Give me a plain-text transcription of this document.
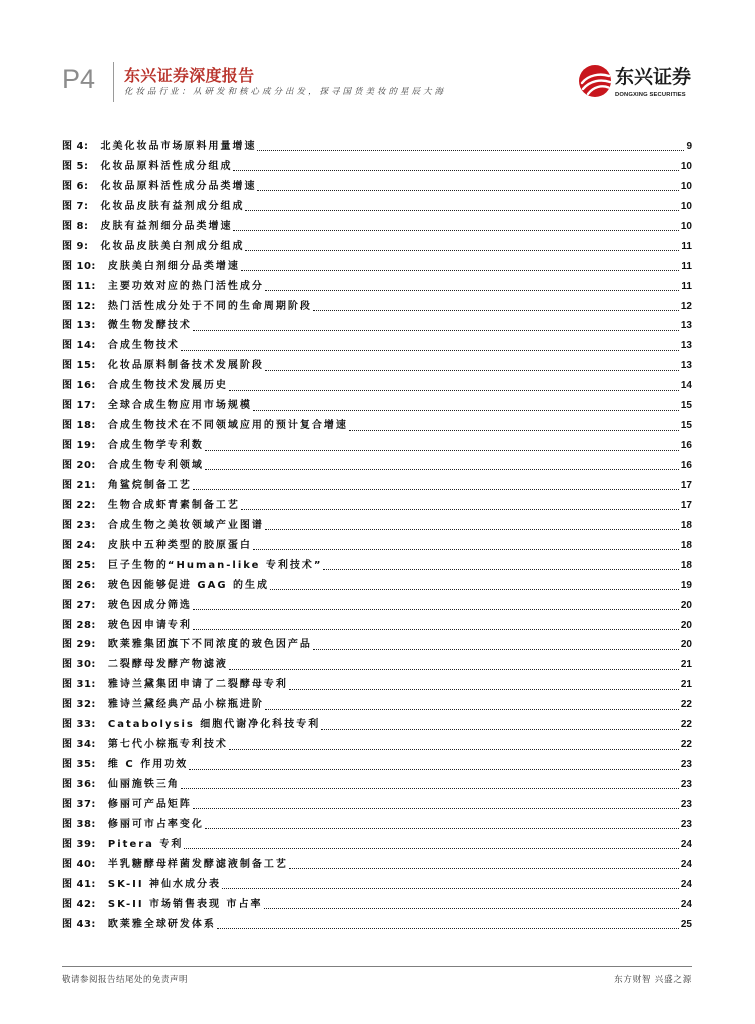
P4 东兴证券深度报告
化妆品行业：从研发和核心成分出发，探寻国货美妆的星辰大海
东兴证券
DONGXING SECURITIES
图 4: 北美化妆品市场原料用量增速	9
图 5: 化妆品原料活性成分组成	10
图 6: 化妆品原料活性成分品类增速	10
图 7: 化妆品皮肤有益剂成分组成	10
图 8: 皮肤有益剂细分品类增速	10
图 9: 化妆品皮肤美白剂成分组成	11
图 10: 皮肤美白剂细分品类增速	11
图 11: 主要功效对应的热门活性成分	11
图 12: 热门活性成分处于不同的生命周期阶段	12
图 13: 微生物发酵技术	13
图 14: 合成生物技术	13
图 15: 化妆品原料制备技术发展阶段	13
图 16: 合成生物技术发展历史	14
图 17: 全球合成生物应用市场规模	15
图 18: 合成生物技术在不同领域应用的预计复合增速	15
图 19: 合成生物学专利数	16
图 20: 合成生物专利领域	16
图 21: 角鲨烷制备工艺	17
图 22: 生物合成虾青素制备工艺	17
图 23: 合成生物之美妆领域产业图谱	18
图 24: 皮肤中五种类型的胶原蛋白	18
图 25: 巨子生物的“Human-like 专利技术”	18
图 26: 玻色因能够促进 GAG 的生成	19
图 27: 玻色因成分筛选	20
图 28: 玻色因申请专利	20
图 29: 欧莱雅集团旗下不同浓度的玻色因产品	20
图 30: 二裂酵母发酵产物滤液	21
图 31: 雅诗兰黛集团申请了二裂酵母专利	21
图 32: 雅诗兰黛经典产品小棕瓶进阶	22
图 33: Catabolysis 细胞代谢净化科技专利	22
图 34: 第七代小棕瓶专利技术	22
图 35: 维 C 作用功效	23
图 36: 仙丽施铁三角	23
图 37: 修丽可产品矩阵	23
图 38: 修丽可市占率变化	23
图 39: Pitera 专利	24
图 40: 半乳糖酵母样菌发酵滤液制备工艺	24
图 41: SK-II 神仙水成分表	24
图 42: SK-II 市场销售表现 市占率	24
图 43: 欧莱雅全球研发体系	25
敬请参阅报告结尾处的免责声明	东方财智 兴盛之源
